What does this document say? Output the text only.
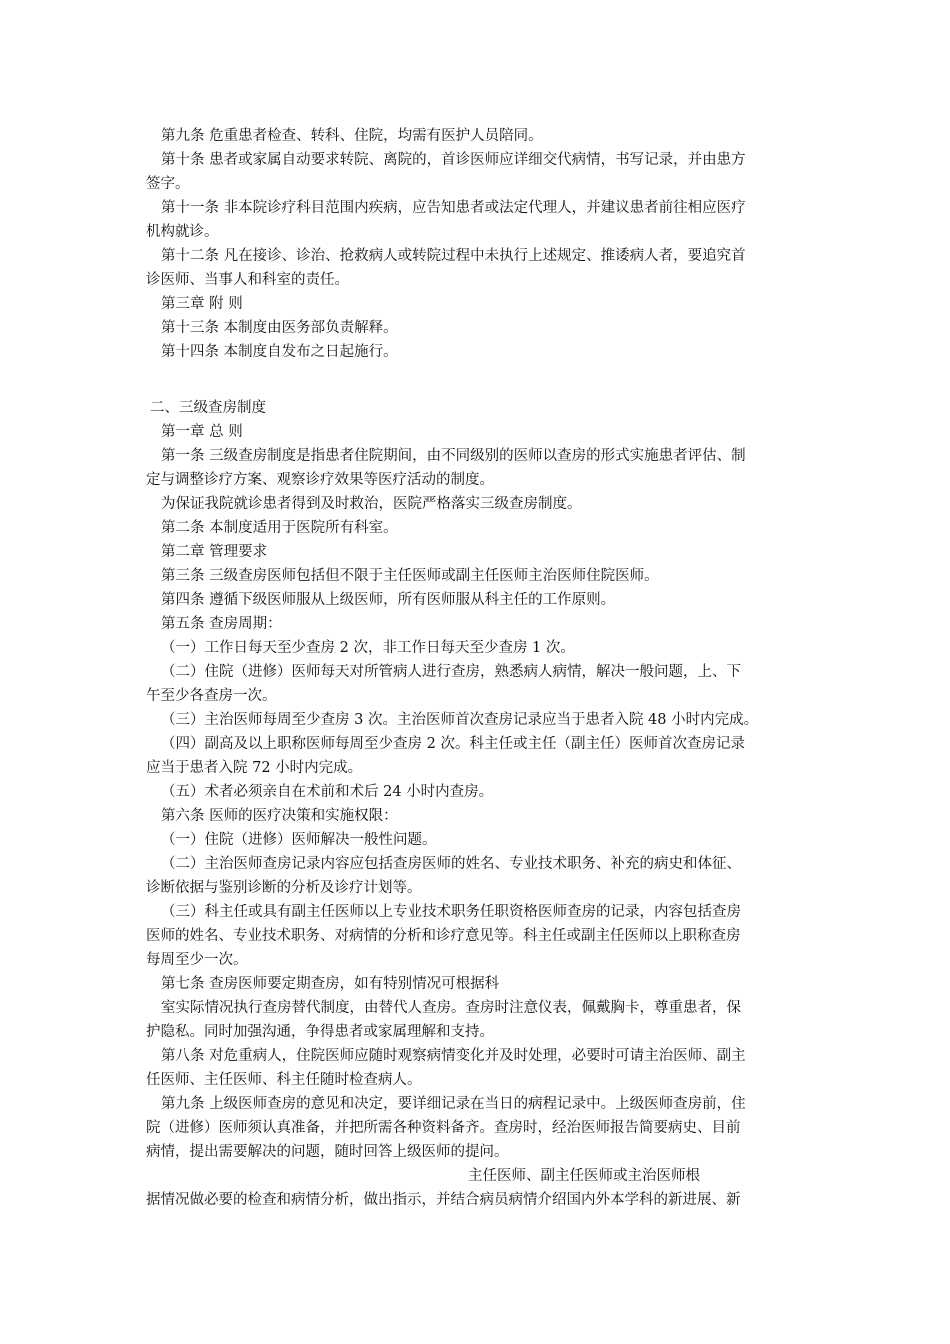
第九条 危重患者检查、转科、住院，均需有医护人员陪同。
第十条 患者或家属自动要求转院、离院的，首诊医师应详细交代病情，书写记录，并由患方
签字。
第十一条 非本院诊疗科目范围内疾病，应告知患者或法定代理人，并建议患者前往相应医疗
机构就诊。
第十二条 凡在接诊、诊治、抢救病人或转院过程中未执行上述规定、推诿病人者，要追究首
诊医师、当事人和科室的责任。
第三章 附 则
第十三条 本制度由医务部负责解释。
第十四条 本制度自发布之日起施行。
二、三级查房制度
第一章 总 则
第一条 三级查房制度是指患者住院期间，由不同级别的医师以查房的形式实施患者评估、制
定与调整诊疗方案、观察诊疗效果等医疗活动的制度。
为保证我院就诊患者得到及时救治，医院严格落实三级查房制度。
第二条 本制度适用于医院所有科室。
第二章 管理要求
第三条 三级查房医师包括但不限于主任医师或副主任医师主治医师住院医师。
第四条 遵循下级医师服从上级医师，所有医师服从科主任的工作原则。
第五条 查房周期：
（一）工作日每天至少查房 2 次，非工作日每天至少查房 1 次。
（二）住院（进修）医师每天对所管病人进行查房，熟悉病人病情，解决一般问题，上、下
午至少各查房一次。
（三）主治医师每周至少查房 3 次。主治医师首次查房记录应当于患者入院 48 小时内完成。
（四）副高及以上职称医师每周至少查房 2 次。科主任或主任（副主任）医师首次查房记录
应当于患者入院 72 小时内完成。
（五）术者必须亲自在术前和术后 24 小时内查房。
第六条 医师的医疗决策和实施权限：
（一）住院（进修）医师解决一般性问题。
（二）主治医师查房记录内容应包括查房医师的姓名、专业技术职务、补充的病史和体征、
诊断依据与鉴别诊断的分析及诊疗计划等。
（三）科主任或具有副主任医师以上专业技术职务任职资格医师查房的记录，内容包括查房
医师的姓名、专业技术职务、对病情的分析和诊疗意见等。科主任或副主任医师以上职称查房
每周至少一次。
第七条 查房医师要定期查房，如有特别情况可根据科
室实际情况执行查房替代制度，由替代人查房。查房时注意仪表，佩戴胸卡，尊重患者，保
护隐私。同时加强沟通，争得患者或家属理解和支持。
第八条 对危重病人，住院医师应随时观察病情变化并及时处理，必要时可请主治医师、副主
任医师、主任医师、科主任随时检查病人。
第九条 上级医师查房的意见和决定，要详细记录在当日的病程记录中。上级医师查房前，住
院（进修）医师须认真准备，并把所需各种资料备齐。查房时，经治医师报告简要病史、目前
病情，提出需要解决的问题，随时回答上级医师的提问。
主任医师、副主任医师或主治医师根
据情况做必要的检查和病情分析，做出指示，并结合病员病情介绍国内外本学科的新进展、新
